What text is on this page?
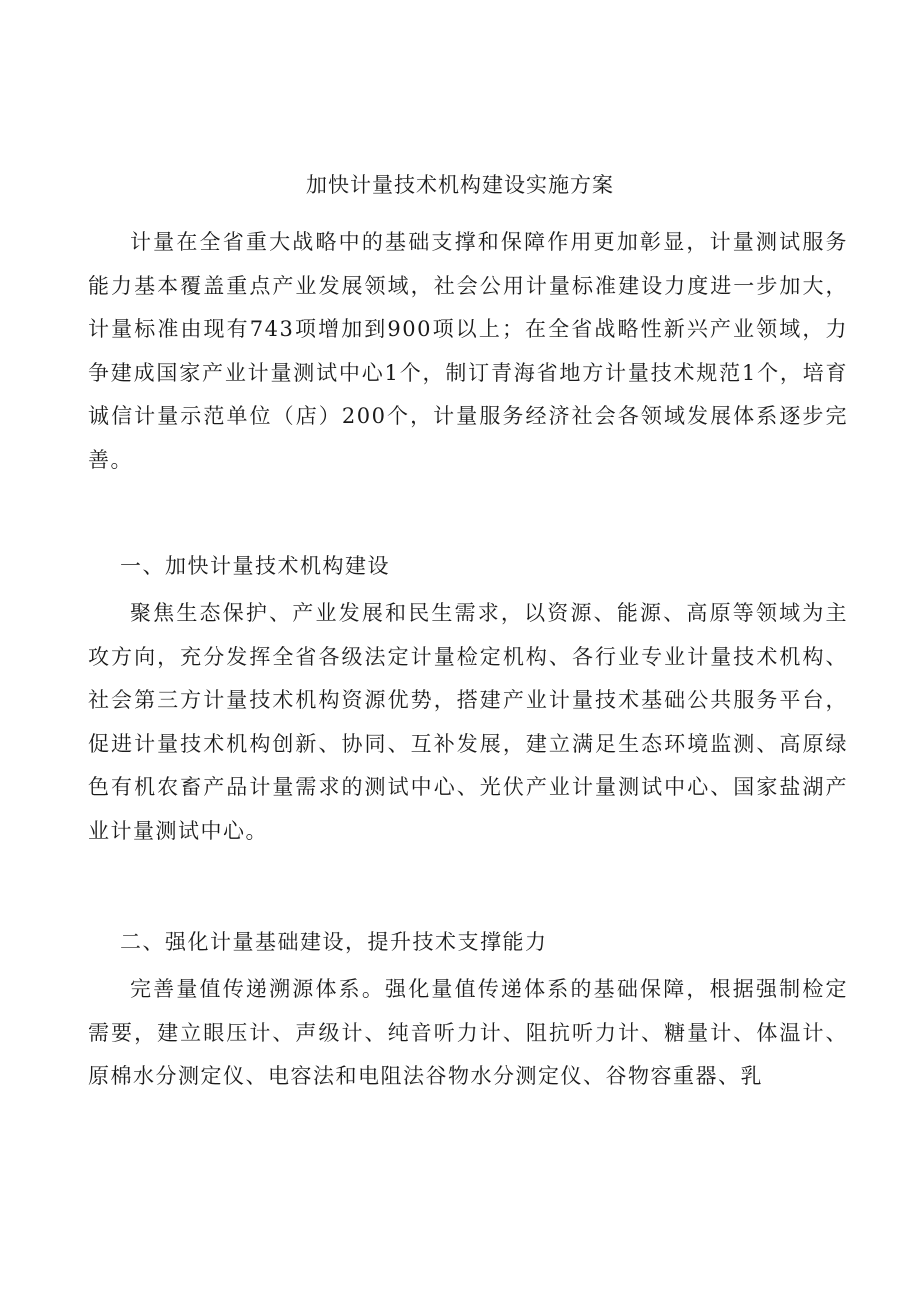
加快计量技术机构建设实施方案
计量在全省重大战略中的基础支撑和保障作用更加彰显，计量测试服务能力基本覆盖重点产业发展领域，社会公用计量标准建设力度进一步加大，计量标准由现有743项增加到900项以上；在全省战略性新兴产业领域，力争建成国家产业计量测试中心1个，制订青海省地方计量技术规范1个，培育诚信计量示范单位（店）200个，计量服务经济社会各领域发展体系逐步完善。
一、加快计量技术机构建设
聚焦生态保护、产业发展和民生需求，以资源、能源、高原等领域为主攻方向，充分发挥全省各级法定计量检定机构、各行业专业计量技术机构、社会第三方计量技术机构资源优势，搭建产业计量技术基础公共服务平台，促进计量技术机构创新、协同、互补发展，建立满足生态环境监测、高原绿色有机农畜产品计量需求的测试中心、光伏产业计量测试中心、国家盐湖产业计量测试中心。
二、强化计量基础建设，提升技术支撑能力
完善量值传递溯源体系。强化量值传递体系的基础保障，根据强制检定需要，建立眼压计、声级计、纯音听力计、阻抗听力计、糖量计、体温计、原棉水分测定仪、电容法和电阻法谷物水分测定仪、谷物容重器、乳
